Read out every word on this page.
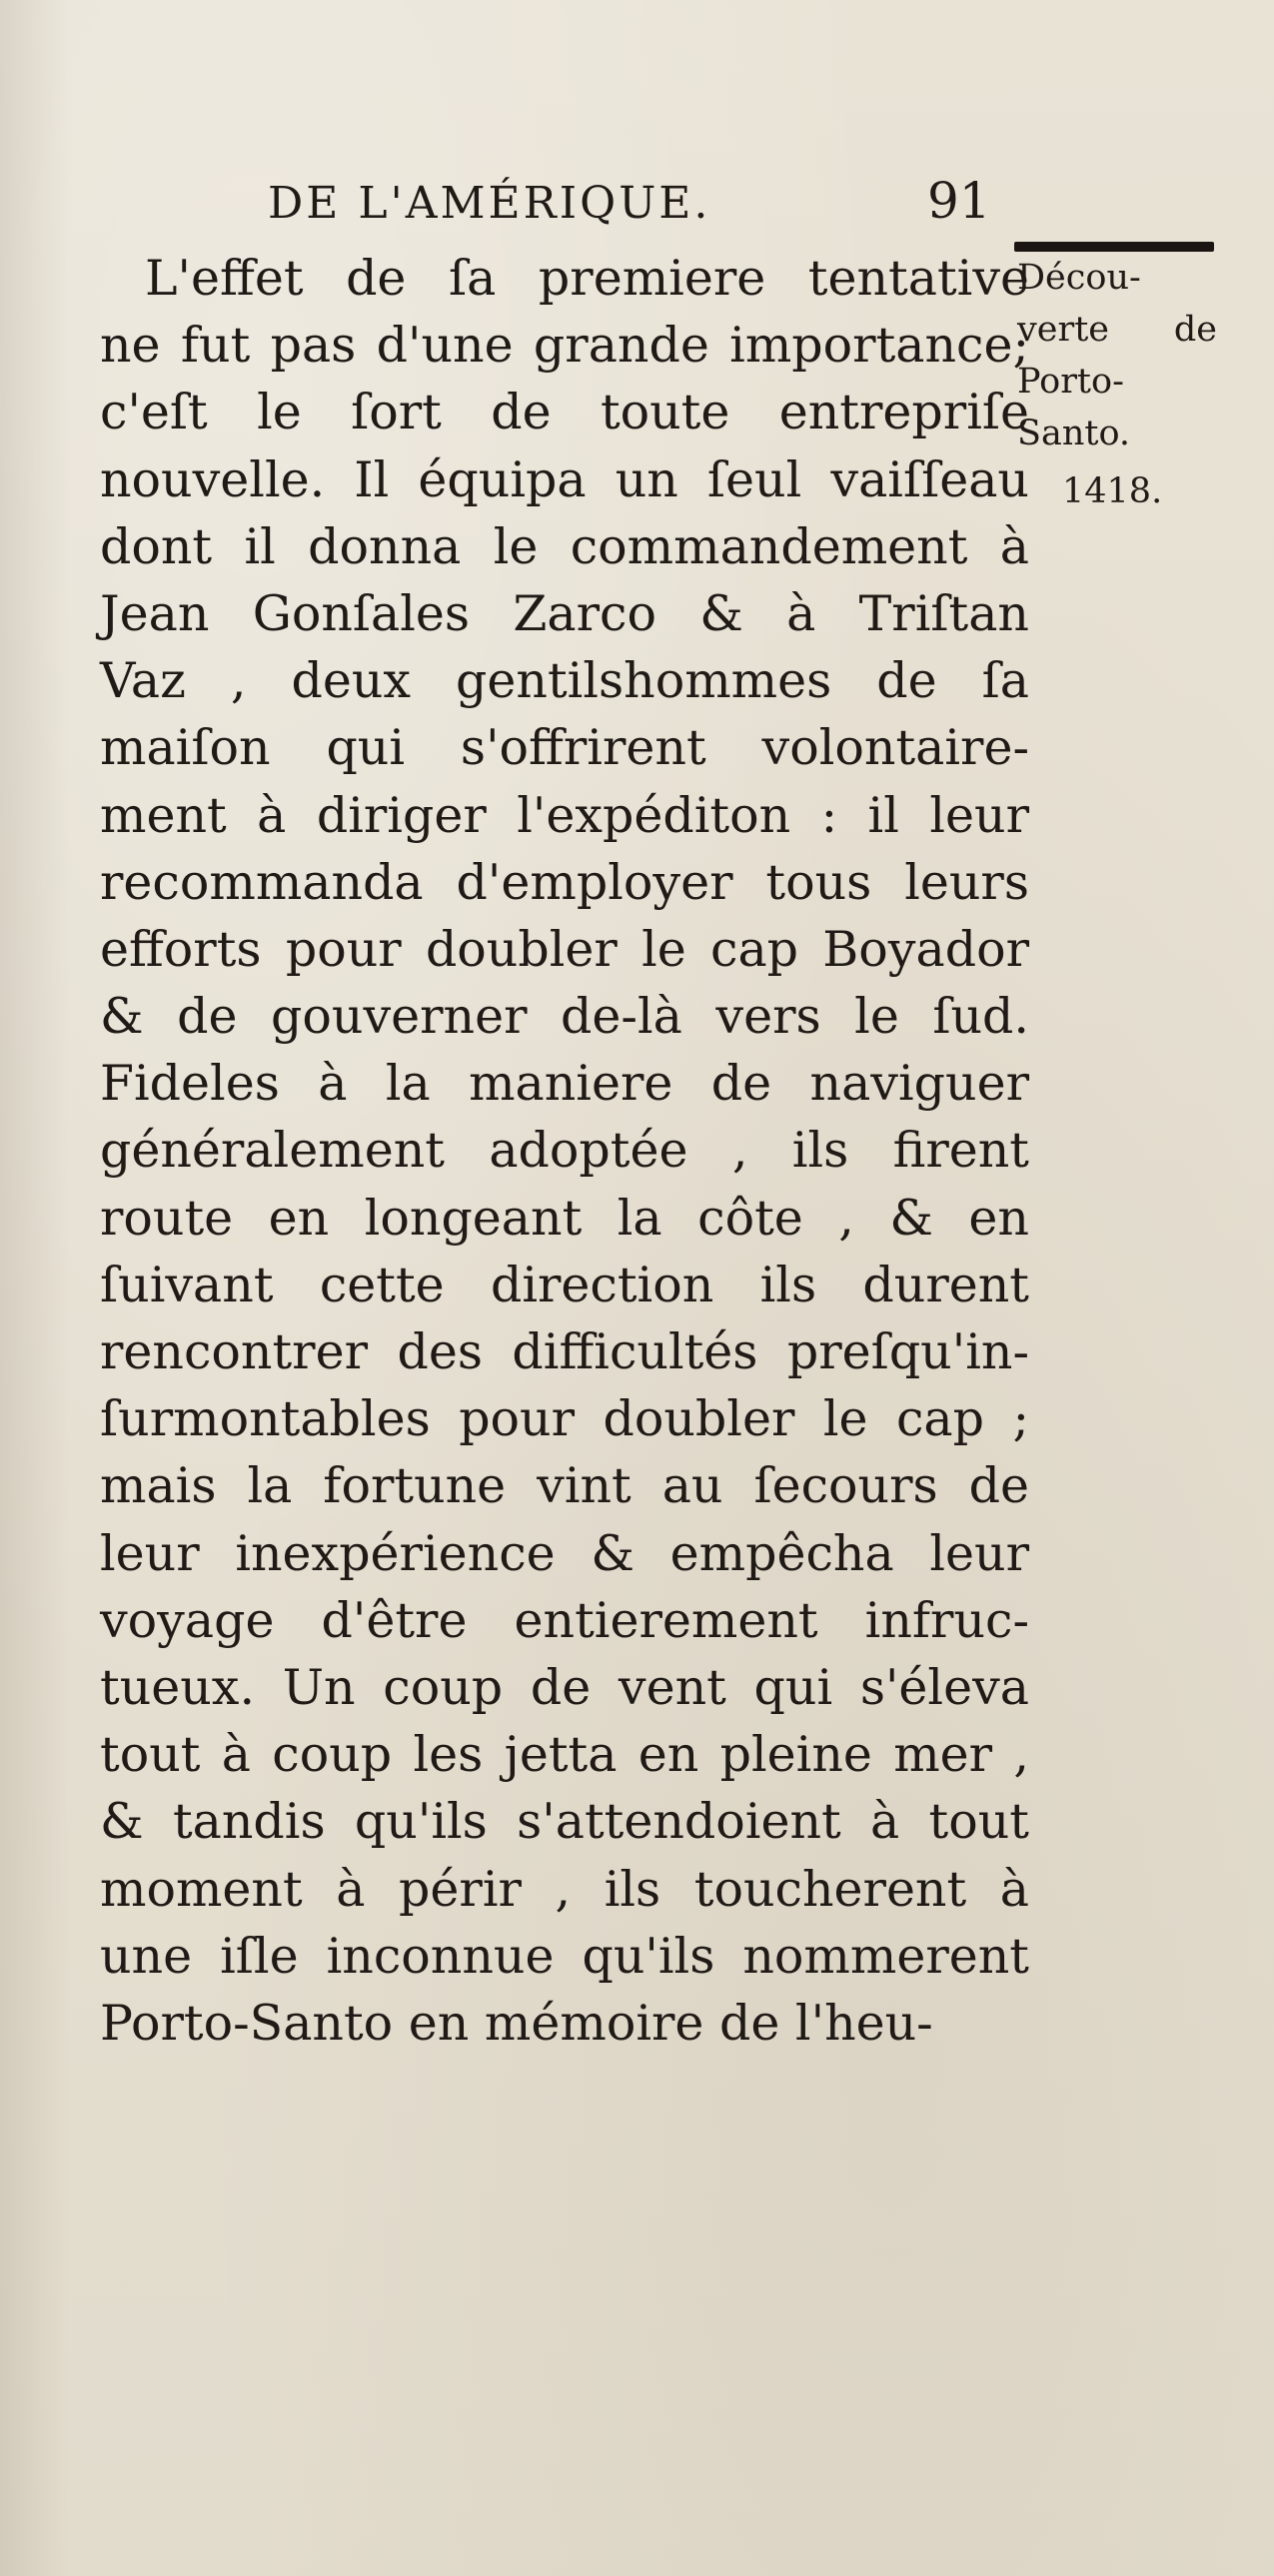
DE L'AMÉRIQUE.	91
Décou-
verte de
Porto-
Santo.
1418.
L'effet de ſa premiere tentative
ne fut pas d'une grande importance;
c'eſt le ſort de toute entrepriſe
nouvelle. Il équipa un ſeul vaiſſeau
dont il donna le commandement à
Jean Gonſales Zarco & à Triſtan
Vaz , deux gentilshommes de ſa
maiſon qui s'offrirent volontaire-
ment à diriger l'expéditon : il leur
recommanda d'employer tous leurs
efforts pour doubler le cap Boyador
& de gouverner de-là vers le ſud.
Fideles à la maniere de naviguer
généralement adoptée , ils firent
route en longeant la côte , & en
ſuivant cette direction ils durent
rencontrer des difficultés preſqu'in-
ſurmontables pour doubler le cap ;
mais la fortune vint au ſecours de
leur inexpérience & empêcha leur
voyage d'être entierement infruc-
tueux. Un coup de vent qui s'éleva
tout à coup les jetta en pleine mer ,
& tandis qu'ils s'attendoient à tout
moment à périr , ils toucherent à
une iſle inconnue qu'ils nommerent
Porto-Santo en mémoire de l'heu-
